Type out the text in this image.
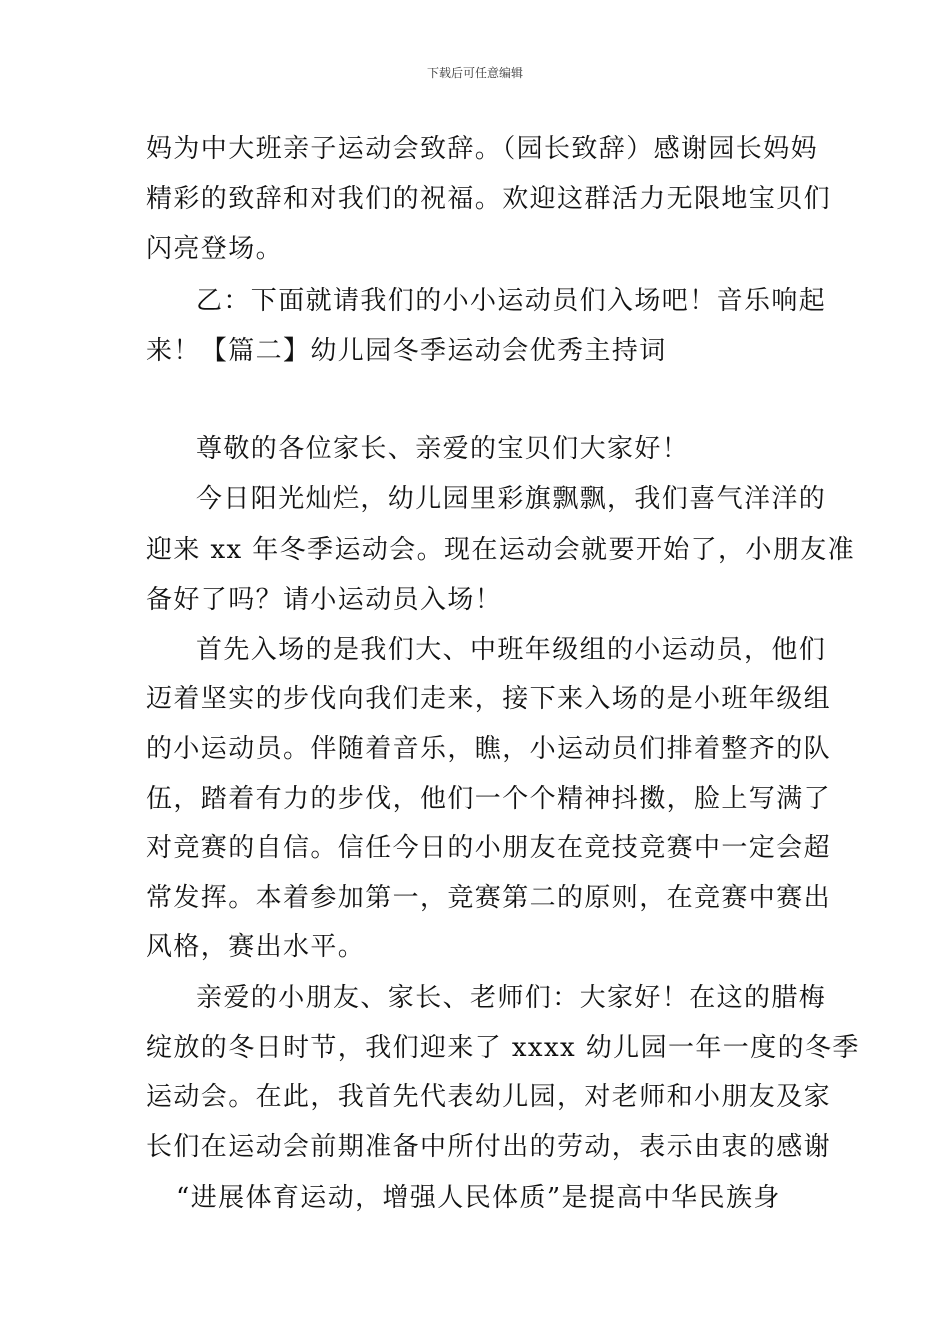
下载后可任意编辑
妈为中大班亲子运动会致辞。（园长致辞）感谢园长妈妈
精彩的致辞和对我们的祝福。欢迎这群活力无限地宝贝们
闪亮登场。
乙：下面就请我们的小小运动员们入场吧！音乐响起
来！【篇二】幼儿园冬季运动会优秀主持词
尊敬的各位家长、亲爱的宝贝们大家好！
今日阳光灿烂，幼儿园里彩旗飘飘，我们喜气洋洋的
迎来 xx 年冬季运动会。现在运动会就要开始了，小朋友准
备好了吗？请小运动员入场！
首先入场的是我们大、中班年级组的小运动员，他们
迈着坚实的步伐向我们走来，接下来入场的是小班年级组
的小运动员。伴随着音乐，瞧，小运动员们排着整齐的队
伍，踏着有力的步伐，他们一个个精神抖擞，脸上写满了
对竞赛的自信。信任今日的小朋友在竞技竞赛中一定会超
常发挥。本着参加第一，竞赛第二的原则，在竞赛中赛出
风格，赛出水平。
亲爱的小朋友、家长、老师们：大家好！在这的腊梅
绽放的冬日时节，我们迎来了 xxxx 幼儿园一年一度的冬季
运动会。在此，我首先代表幼儿园，对老师和小朋友及家
长们在运动会前期准备中所付出的劳动，表示由衷的感谢
“进展体育运动，增强人民体质”是提高中华民族身
